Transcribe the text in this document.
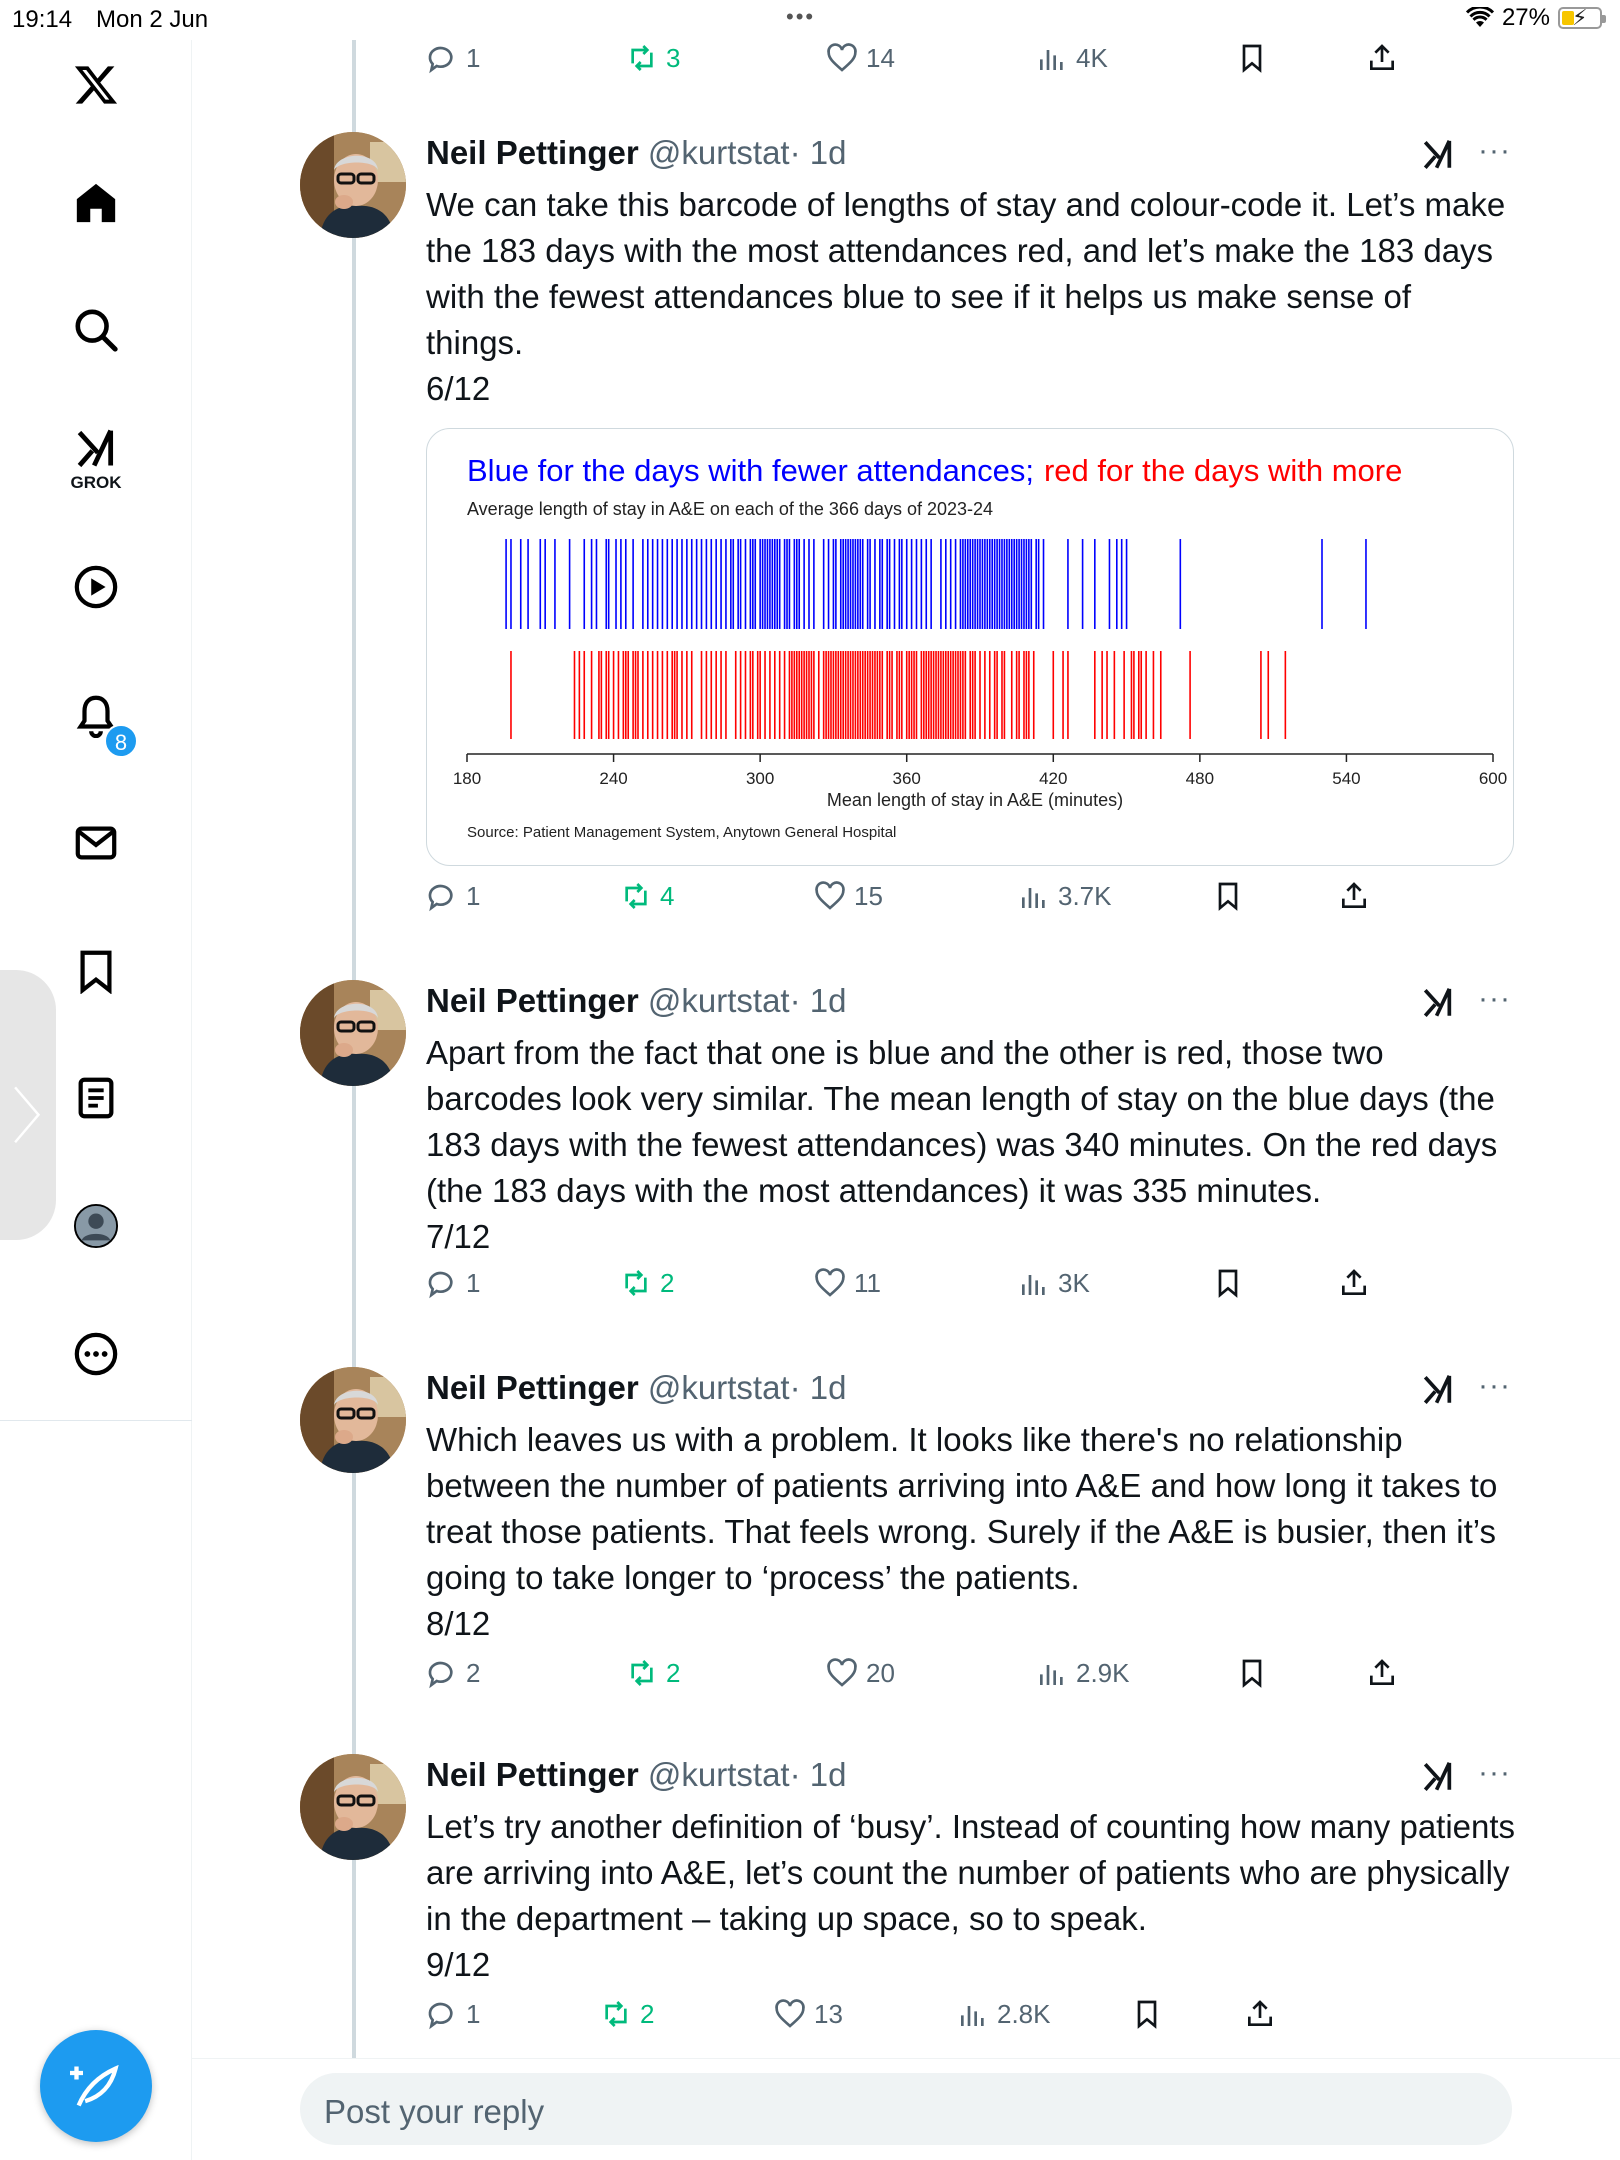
19:14 Mon 2 Jun	•••	27% ⚡
GROK
8
〉
1	3	14	4K
Neil Pettinger @kurtstat· 1d	···
We can take this barcode of lengths of stay and colour-code it. Let’s make the 183 days with the most attendances red, and let’s make the 183 days with the fewest attendances blue to see if it helps us make sense of things.
6/12
1	4	15	3.7K
Neil Pettinger @kurtstat· 1d	···
Apart from the fact that one is blue and the other is red, those two barcodes look very similar. The mean length of stay on the blue days (the 183 days with the fewest attendances) was 340 minutes. On the red days (the 183 days with the most attendances) it was 335 minutes.
7/12
1	2	11	3K
Neil Pettinger @kurtstat· 1d	···
Which leaves us with a problem. It looks like there's no relationship between the number of patients arriving into A&E and how long it takes to treat those patients. That feels wrong. Surely if the A&E is busier, then it’s going to take longer to ‘process’ the patients.
8/12
2	2	20	2.9K
Neil Pettinger @kurtstat· 1d	···
Let’s try another definition of ‘busy’. Instead of counting how many patients are arriving into A&E, let’s count the number of patients who are physically in the department – taking up space, so to speak.
9/12
1	2	13	2.8K
Blue for the days with fewer attendances; red for the days with more
Average length of stay in A&E on each of the 366 days of 2023-24
180	240	300	360	420	480	540	600
Mean length of stay in A&E (minutes)
Source: Patient Management System, Anytown General Hospital
Post your reply
